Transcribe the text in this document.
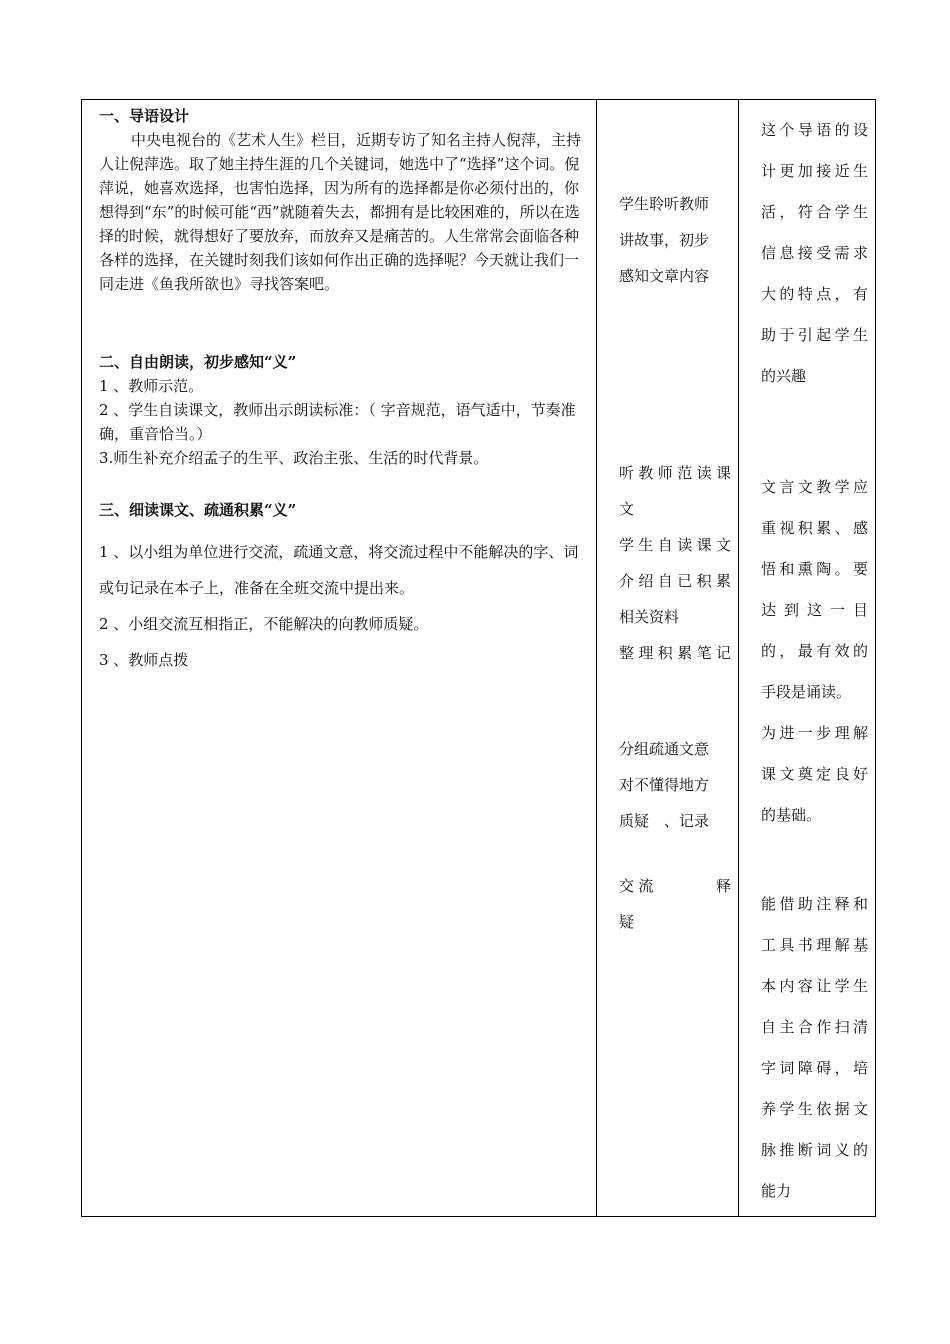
一、导语设计
中央电视台的《艺术人生》栏目，近期专访了知名主持人倪萍，主持人让倪萍选。取了她主持生涯的几个关键词，她选中了“选择”这个词。倪萍说，她喜欢选择，也害怕选择，因为所有的选择都是你必须付出的，你想得到“东”的时候可能“西”就随着失去，都拥有是比较困难的，所以在选择的时候，就得想好了要放弃，而放弃又是痛苦的。人生常常会面临各种各样的选择，在关键时刻我们该如何作出正确的选择呢？今天就让我们一同走进《鱼我所欲也》寻找答案吧。
二、自由朗读，初步感知“义”
1 、教师示范。
2 、学生自读课文，教师出示朗读标准：（ 字音规范，语气适中，节奏准确，重音恰当。）
3.师生补充介绍孟子的生平、政治主张、生活的时代背景。
三、细读课文、疏通积累“义”
1 、以小组为单位进行交流，疏通文意，将交流过程中不能解决的字、词或句记录在本子上，准备在全班交流中提出来。
2 、小组交流互相指正，不能解决的向教师质疑。
3 、教师点拨
学生聆听教师
讲故事，初步
感知文章内容
听教师范读课
文
学生自读课文
介绍自已积累
相关资料
整理积累笔记
分组疏通文意
对不懂得地方
质疑　、记录
交流　　　释
疑
这个导语的设
计更加接近生
活，符合学生
信息接受需求
大的特点，有
助于引起学生
的兴趣
文言文教学应
重视积累、感
悟和熏陶。要
达到这一目
的，最有效的
手段是诵读。
为进一步理解
课文奠定良好
的基础。
能借助注释和
工具书理解基
本内容让学生
自主合作扫清
字词障碍，培
养学生依据文
脉推断词义的
能力
